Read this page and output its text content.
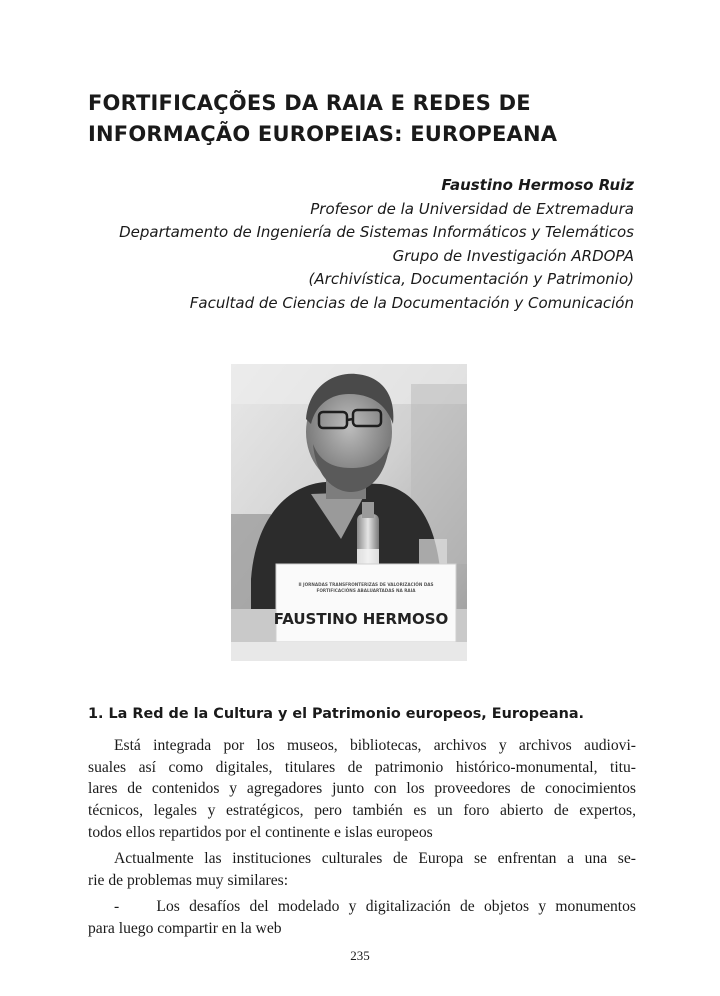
FORTIFICAÇÕES DA RAIA E REDES DE
INFORMAÇÃO EUROPEIAS: EUROPEANA
Faustino Hermoso Ruiz
Profesor de la Universidad de Extremadura
Departamento de Ingeniería de Sistemas Informáticos y Telemáticos
Grupo de Investigación ARDOPA
(Archivística, Documentación y Patrimonio)
Facultad de Ciencias de la Documentación y Comunicación
II JORNADAS TRANSFRONTERIZAS DE VALORIZACIÓN DAS
FORTIFICACIÓNS ABALUARTADAS NA RAIA
FAUSTINO HERMOSO
1. La Red de la Cultura y el Patrimonio europeos, Europeana.
Está integrada por los museos, bibliotecas, archivos y archivos audiovi-
suales así como digitales, titulares de patrimonio histórico-monumental, titu-
lares de contenidos y agregadores junto con los proveedores de conocimientos
técnicos, legales y estratégicos, pero también es un foro abierto de expertos,
todos ellos repartidos por el continente e islas europeos
Actualmente las instituciones culturales de Europa se enfrentan a una se-
rie de problemas muy similares:
-    Los desafíos del modelado y digitalización de objetos y monumentos
para luego compartir en la web
235
